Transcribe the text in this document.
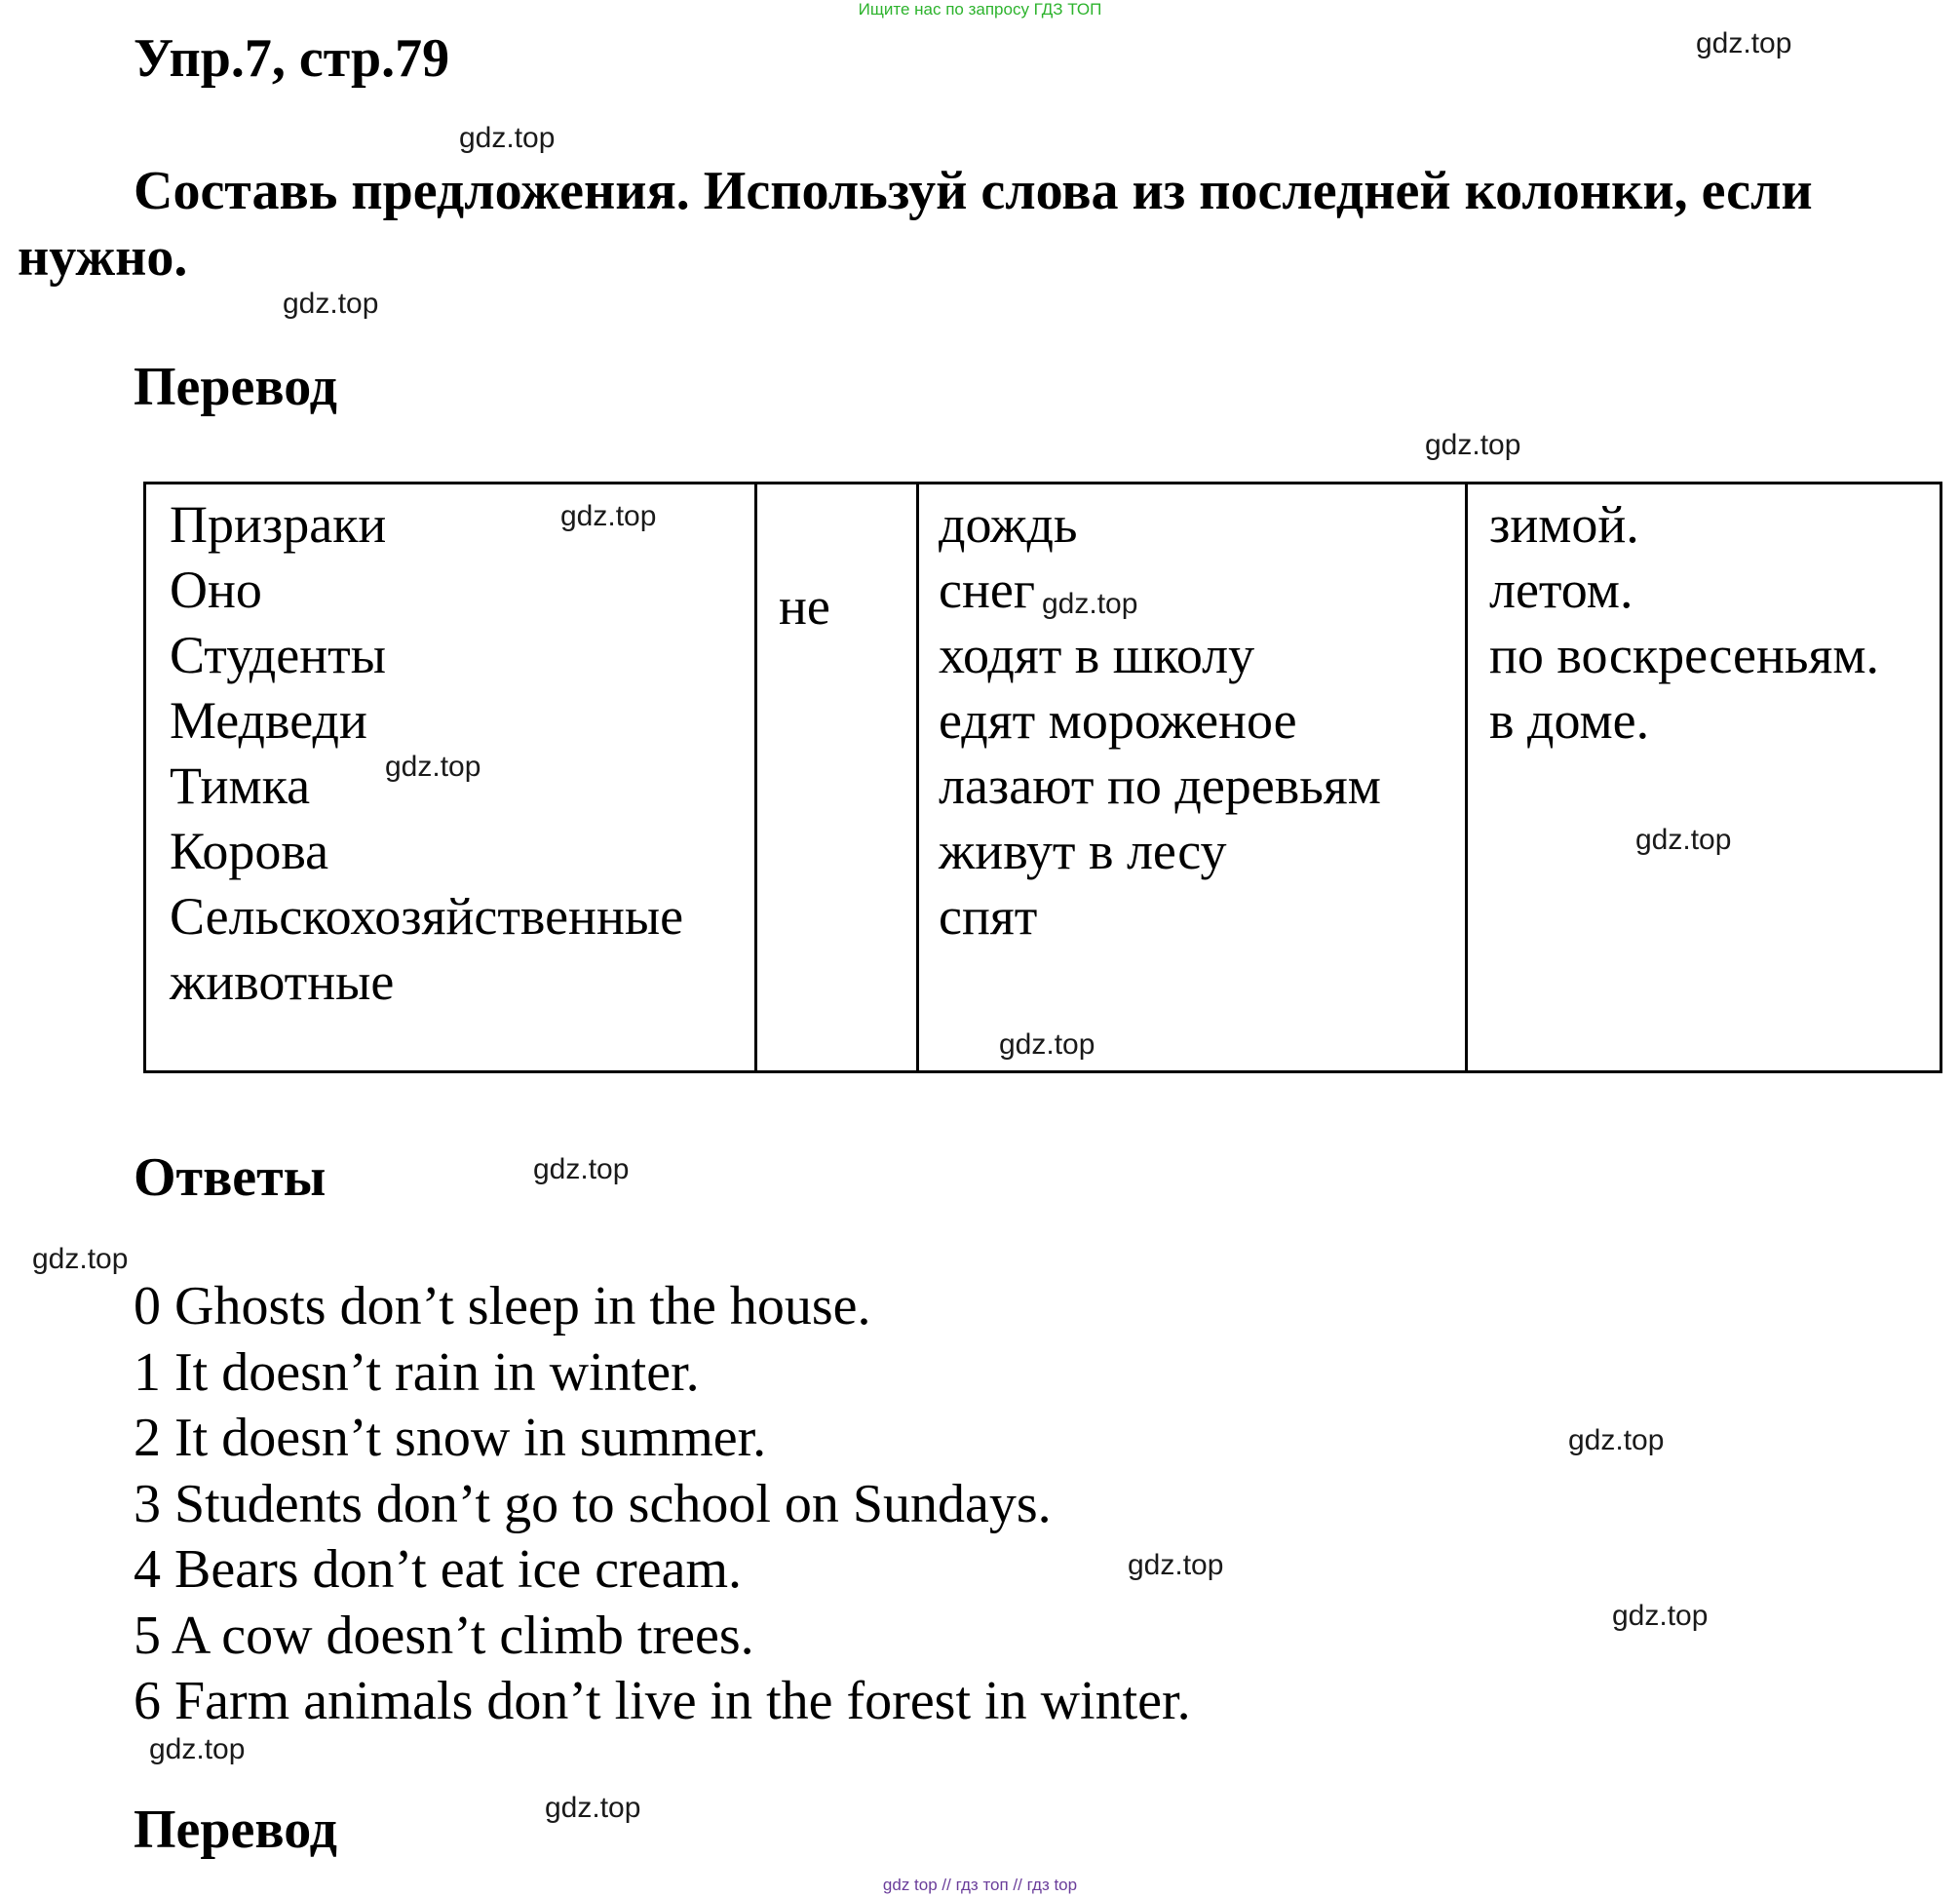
Ищите нас по запросу ГДЗ ТОП
Упр.7, стр.79
Составь предложения. Используй слова из последней колонки, если нужно.
Перевод
Призраки
Оно
Студенты
Медведи
Тимка
Корова
Сельскохозяйственные
животные
не
дождь
снег
ходят в школу
едят мороженое
лазают по деревьям
живут в лесу
спят
зимой.
летом.
по воскресеньям.
в доме.
Ответы
0 Ghosts don’t sleep in the house.
1 It doesn’t rain in winter.
2 It doesn’t snow in summer.
3 Students don’t go to school on Sundays.
4 Bears don’t eat ice cream.
5 A cow doesn’t climb trees.
6 Farm animals don’t live in the forest in winter.
Перевод
gdz.top
gdz.top
gdz.top
gdz.top
gdz.top
gdz.top
gdz.top
gdz.top
gdz.top
gdz.top
gdz.top
gdz.top
gdz.top
gdz.top
gdz.top
gdz.top
gdz top // гдз топ // гдз top
